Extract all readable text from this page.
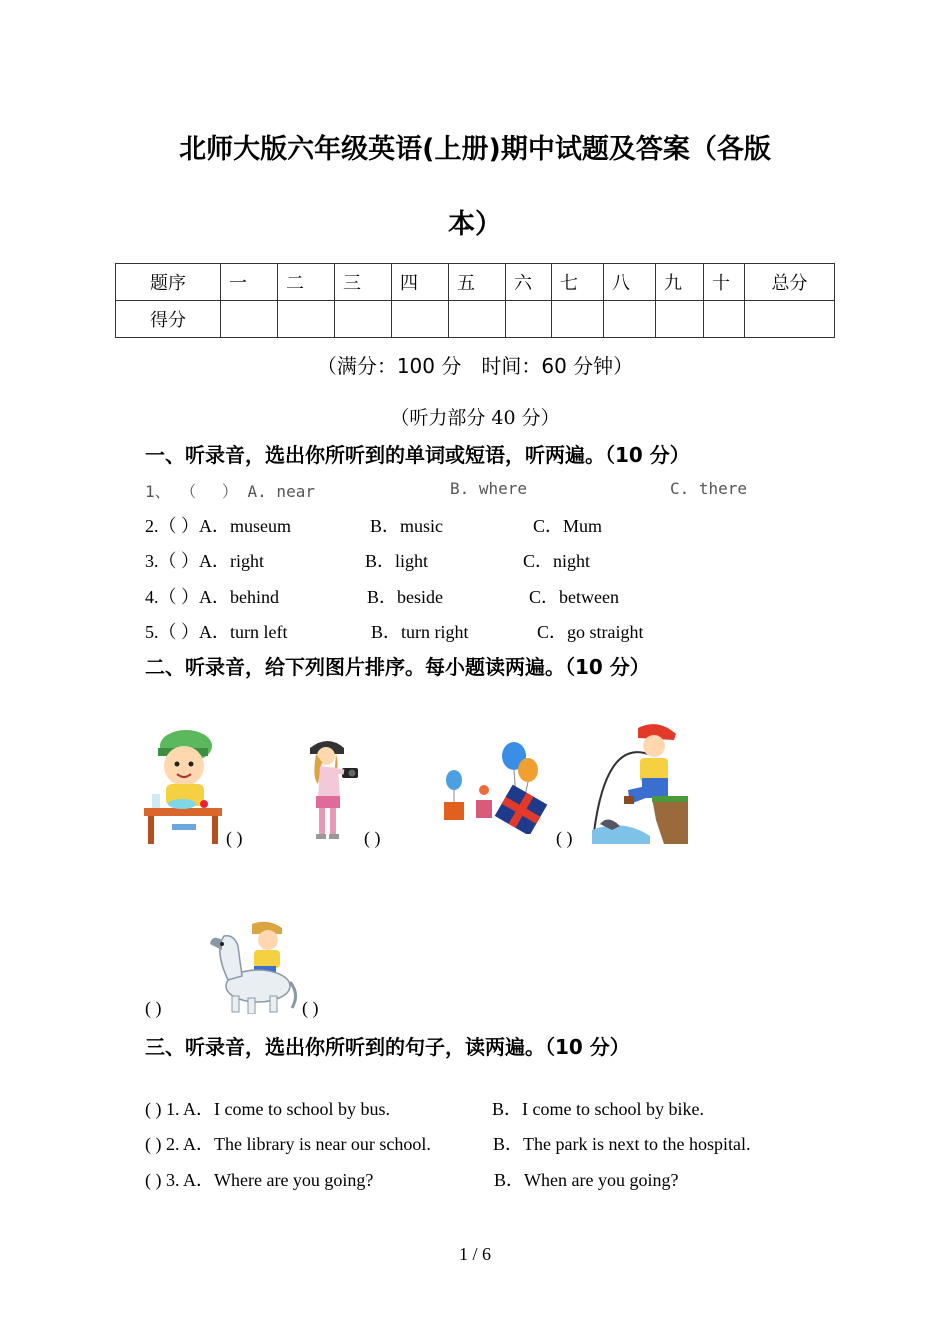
北师大版六年级英语(上册)期中试题及答案（各版
本）
题序	一	二	三	四	五	六	七	八	九	十	总分
得分											
（满分：100 分　时间：60 分钟）
（听力部分 40 分）
一、听录音，选出你所听到的单词或短语，听两遍。（10 分）
1、 （　 ） A. near	B. where	C. there
2.（ ）A．museum	B．music	C．Mum
3.（ ）A．right	B．light	C．night
4.（ ）A．behind	B．beside	C．between
5.（ ）A．turn left	B．turn right	C．go straight
二、听录音，给下列图片排序。每小题读两遍。（10 分）
( )	( )	( )
( )	( )
三、听录音，选出你所听到的句子，读两遍。（10 分）
( ) 1. A．I come to school by bus.	B．I come to school by bike.
( ) 2. A．The library is near our school.	B．The park is next to the hospital.
( ) 3. A．Where are you going?	B．When are you going?
1 / 6
